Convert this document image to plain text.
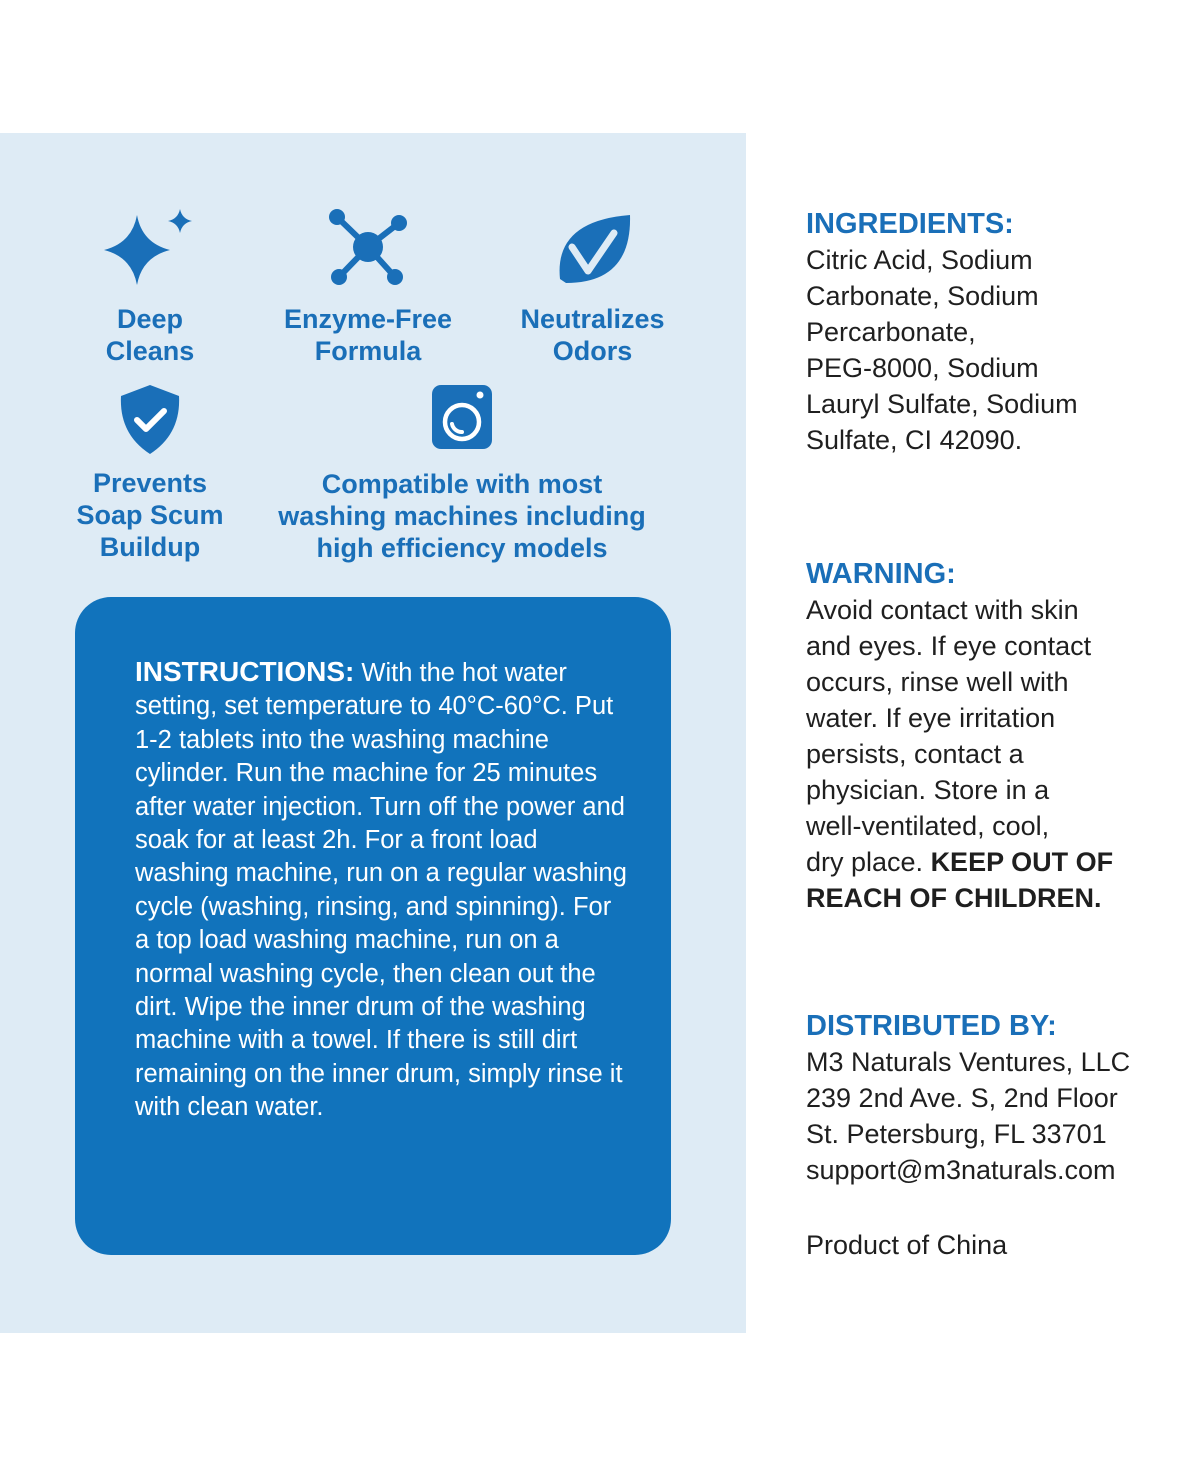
Deep
Cleans
Enzyme-Free
Formula
Neutralizes
Odors
Prevents
Soap Scum
Buildup
Compatible with most
washing machines including
high efficiency models
INSTRUCTIONS: With the hot water setting, set temperature to 40°C-60°C. Put 1-2 tablets into the washing machine cylinder. Run the machine for 25 minutes after water injection. Turn off the power and soak for at least 2h. For a front load washing machine, run on a regular washing cycle (washing, rinsing, and spinning). For a top load washing machine, run on a normal washing cycle, then clean out the dirt. Wipe the inner drum of the washing machine with a towel. If there is still dirt remaining on the inner drum, simply rinse it with clean water.
INGREDIENTS:
Citric Acid, Sodium
Carbonate, Sodium
Percarbonate,
PEG-8000, Sodium
Lauryl Sulfate, Sodium
Sulfate, CI 42090.
WARNING:
Avoid contact with skin
and eyes. If eye contact
occurs, rinse well with
water. If eye irritation
persists, contact a
physician. Store in a
well-ventilated, cool,
dry place. KEEP OUT OF REACH OF CHILDREN.
DISTRIBUTED BY:
M3 Naturals Ventures, LLC
239 2nd Ave. S, 2nd Floor
St. Petersburg, FL 33701
support@m3naturals.com
Product of China
